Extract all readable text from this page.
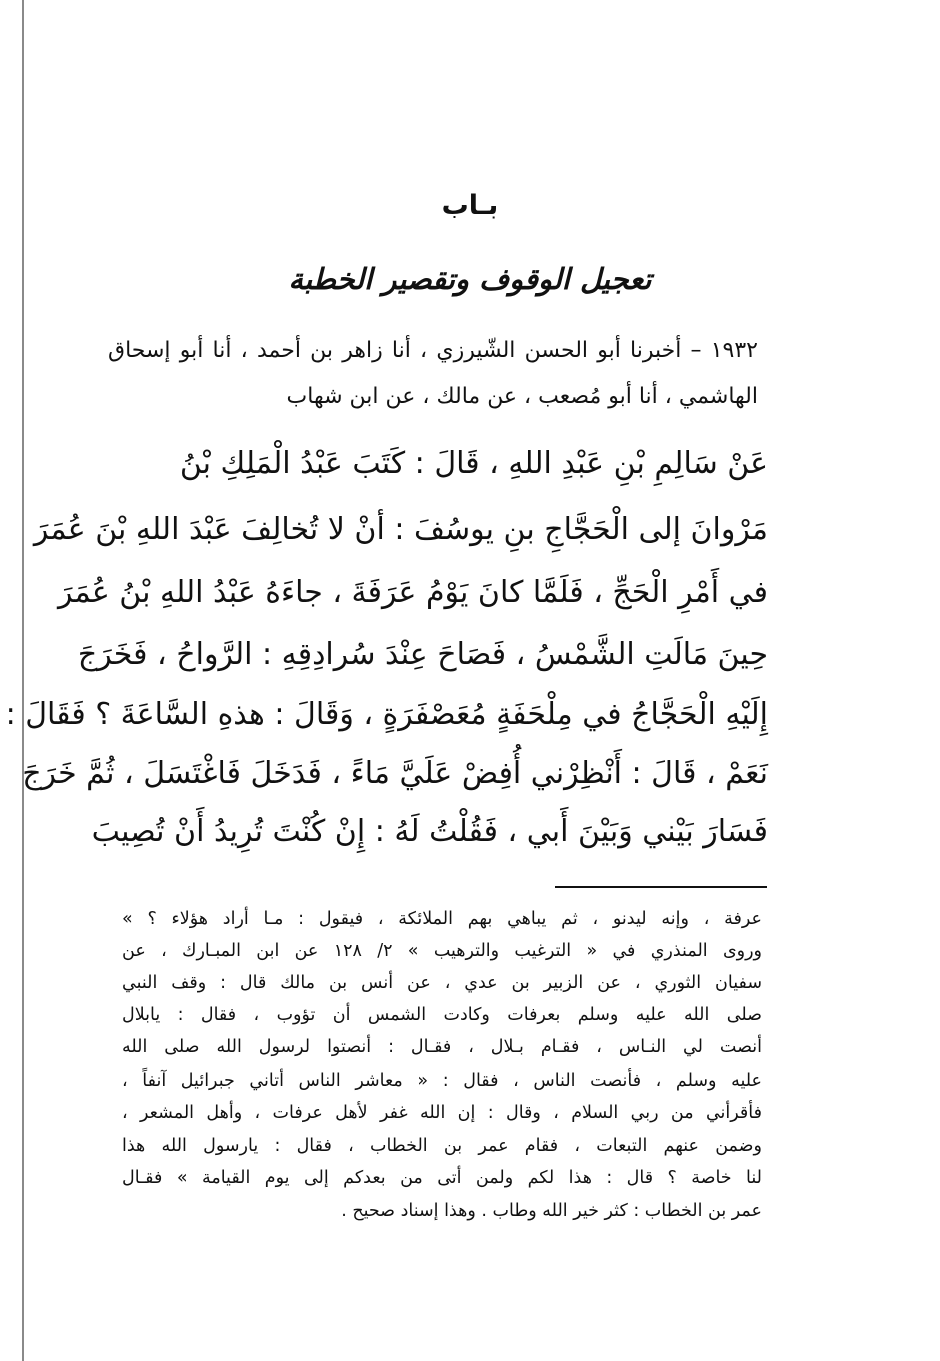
بـاب
تعجيل الوقوف وتقصير الخطبة
١٩٣٢ – أخبرنا أبو الحسن الشّيرزي ، أنا زاهر بن أحمد ، أنا أبو إسحاق
الهاشمي ، أنا أبو مُصعب ، عن مالك ، عن ابن شهاب
عَنْ سَالِمِ بْنِ عَبْدِ اللهِ ، قَالَ : كَتَبَ عَبْدُ الْمَلِكِ بْنُ
مَرْوانَ إلى الْحَجَّاجِ بنِ يوسُفَ : أنْ لا تُخالِفَ عَبْدَ اللهِ بْنَ عُمَرَ
في أَمْرِ الْحَجِّ ، فَلَمَّا كانَ يَوْمُ عَرَفَةَ ، جاءَهُ عَبْدُ اللهِ بْنُ عُمَرَ
حِينَ مَالَتِ الشَّمْسُ ، فَصَاحَ عِنْدَ سُرادِقِهِ : الرَّواحُ ، فَخَرَجَ
إِلَيْهِ الْحَجَّاجُ في مِلْحَفَةٍ مُعَصْفَرَةٍ ، وَقَالَ : هذهِ السَّاعَةَ ؟ فَقَالَ :
نَعَمْ ، قَالَ : أَنْظِرْني أُفِضْ عَلَيَّ مَاءً ، فَدَخَلَ فَاغْتَسَلَ ، ثُمَّ خَرَجَ
فَسَارَ بَيْني وَبَيْنَ أَبي ، فَقُلْتُ لَهُ : إِنْ كُنْتَ تُرِيدُ أَنْ تُصِيبَ
عرفة ، وإنه ليدنو ، ثم يباهي بهم الملائكة ، فيقول : مـا أراد هؤلاء ؟ »
وروى المنذري في « الترغيب والترهيب » ٢/ ١٢٨ عن ابن المبـارك ، عن
سفيان الثوري ، عن الزبير بن عدي ، عن أنس بن مالك قال : وقف النبي
صلى الله عليه وسلم بعرفات وكادت الشمس أن تؤوب ، فقال : يابلال
أنصت لي النـاس ، فقـام بـلال ، فقـال : أنصتوا لرسول الله صلى الله
عليه وسلم ، فأنصت الناس ، فقال : « معاشر الناس أتاني جبرائيل آنفاً ،
فأقرأني من ربي السلام ، وقال : إن الله غفر لأهل عرفات ، وأهل المشعر ،
وضمن عنهم التبعات ، فقام عمر بن الخطاب ، فقال : يارسول الله هذا
لنا خاصة ؟ قال : هذا لكم ولمن أتى من بعدكم إلى يوم القيامة » فقـال
عمر بن الخطاب : كثر خير الله وطاب . وهذا إسناد صحيح .
